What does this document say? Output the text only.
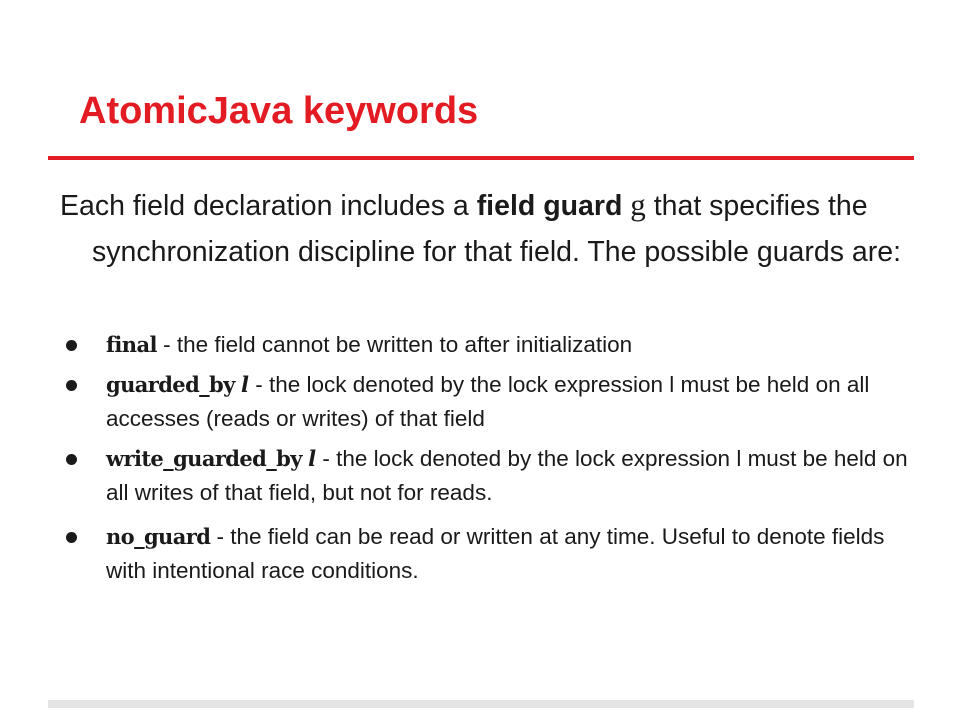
AtomicJava keywords

Each field declaration includes a field guard g that specifies the synchronization discipline for that field. The possible guards are:

final - the field cannot be written to after initialization
guarded_by l - the lock denoted by the lock expression l must be held on all accesses (reads or writes) of that field
write_guarded_by l - the lock denoted by the lock expression l must be held on all writes of that field, but not for reads.
no_guard - the field can be read or written at any time. Useful to denote fields with intentional race conditions.
